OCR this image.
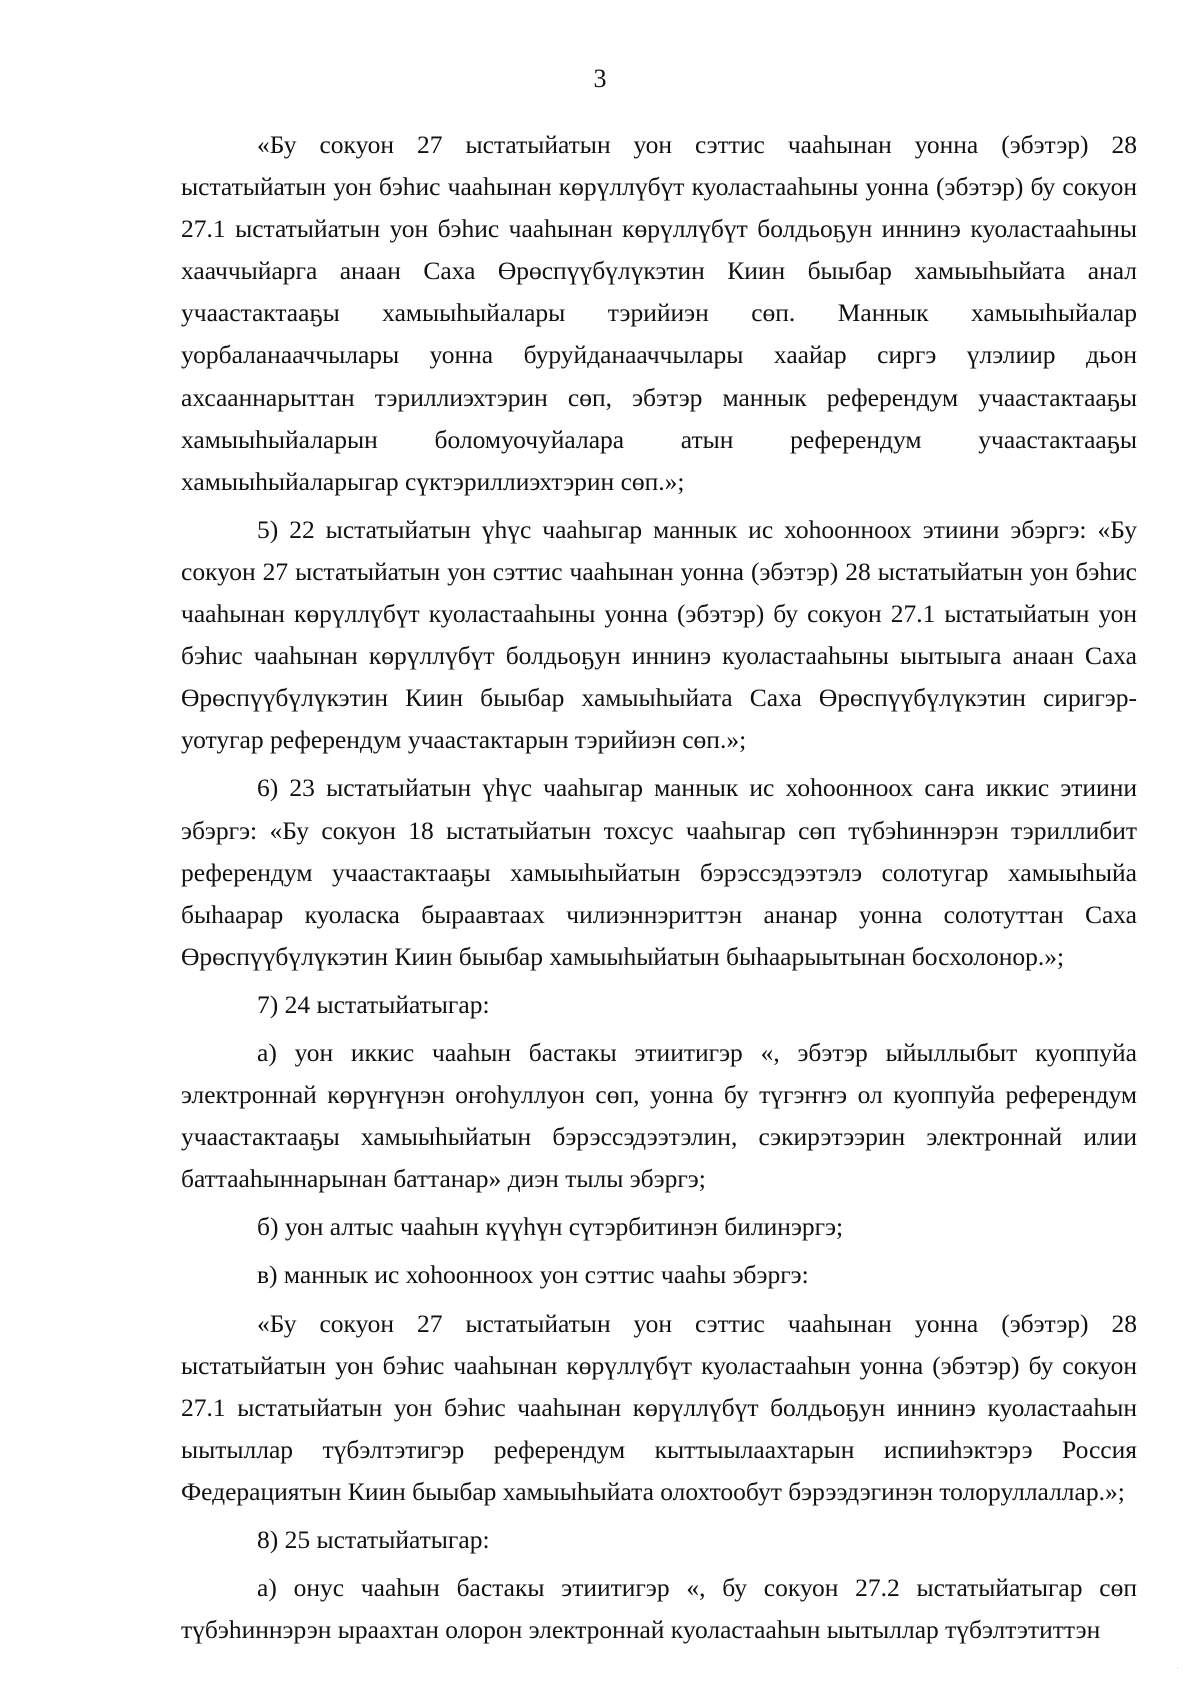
3

«Бу сокуон 27 ыстатыйатын уон сэттис чааһынан уонна (эбэтэр) 28 ыстатыйатын уон бэһис чааһынан көрүллүбүт куоластааһыны уонна (эбэтэр) бу сокуон 27.1 ыстатыйатын уон бэһис чааһынан көрүллүбүт болдьоҕун иннинэ куоластааһыны хааччыйарга анаан Саха Өрөспүүбүлүкэтин Киин быыбар хамыыһыйата анал учаастактааҕы хамыыһыйалары тэрийиэн сөп. Маннык хамыыһыйалар уорбаланааччылары уонна буруйданааччылары хаайар сиргэ үлэлиир дьон ахсааннарыттан тэриллиэхтэрин сөп, эбэтэр маннык референдум учаастактааҕы хамыыһыйаларын боломуочуйалара атын референдум учаастактааҕы хамыыһыйаларыгар сүктэриллиэхтэрин сөп.»;

5) 22 ыстатыйатын үһүс чааһыгар маннык ис хоһоонноох этиини эбэргэ: «Бу сокуон 27 ыстатыйатын уон сэттис чааһынан уонна (эбэтэр) 28 ыстатыйатын уон бэһис чааһынан көрүллүбүт куоластааһыны уонна (эбэтэр) бу сокуон 27.1 ыстатыйатын уон бэһис чааһынан көрүллүбүт болдьоҕун иннинэ куоластааһыны ыытыыга анаан Саха Өрөспүүбүлүкэтин Киин быыбар хамыыһыйата Саха Өрөспүүбүлүкэтин сиригэр-уотугар референдум учаастактарын тэрийиэн сөп.»;

6) 23 ыстатыйатын үһүс чааһыгар маннык ис хоһоонноох саҥа иккис этиини эбэргэ: «Бу сокуон 18 ыстатыйатын тохсус чааһыгар сөп түбэһиннэрэн тэриллибит референдум учаастактааҕы хамыыһыйатын бэрэссэдээтэлэ солотугар хамыыһыйа быһаарар куоласка быраавтаах чилиэннэриттэн ананар уонна солотуттан Саха Өрөспүүбүлүкэтин Киин быыбар хамыыһыйатын быһаарыытынан босхолонор.»;

7) 24 ыстатыйатыгар:

а) уон иккис чааһын бастакы этиитигэр «, эбэтэр ыйыллыбыт куоппуйа электроннай көрүҥүнэн оҥоһуллуон сөп, уонна бу түгэҥҥэ ол куоппуйа референдум учаастактааҕы хамыыһыйатын бэрэссэдээтэлин, сэкирэтээрин электроннай илии баттааһыннарынан баттанар» диэн тылы эбэргэ;

б) уон алтыс чааһын күүһүн сүтэрбитинэн билинэргэ;

в) маннык ис хоһоонноох уон сэттис чааһы эбэргэ:

«Бу сокуон 27 ыстатыйатын уон сэттис чааһынан уонна (эбэтэр) 28 ыстатыйатын уон бэһис чааһынан көрүллүбүт куоластааһын уонна (эбэтэр) бу сокуон 27.1 ыстатыйатын уон бэһис чааһынан көрүллүбүт болдьоҕун иннинэ куоластааһын ыытыллар түбэлтэтигэр референдум кыттыылаахтарын испииһэктэрэ Россия Федерациятын Киин быыбар хамыыһыйата олохтообут бэрээдэгинэн толоруллаллар.»;

8) 25 ыстатыйатыгар:

а) онус чааһын бастакы этиитигэр «, бу сокуон 27.2 ыстатыйатыгар сөп түбэһиннэрэн ыраахтан олорон электроннай куоластааһын ыытыллар түбэлтэтиттэн

·
